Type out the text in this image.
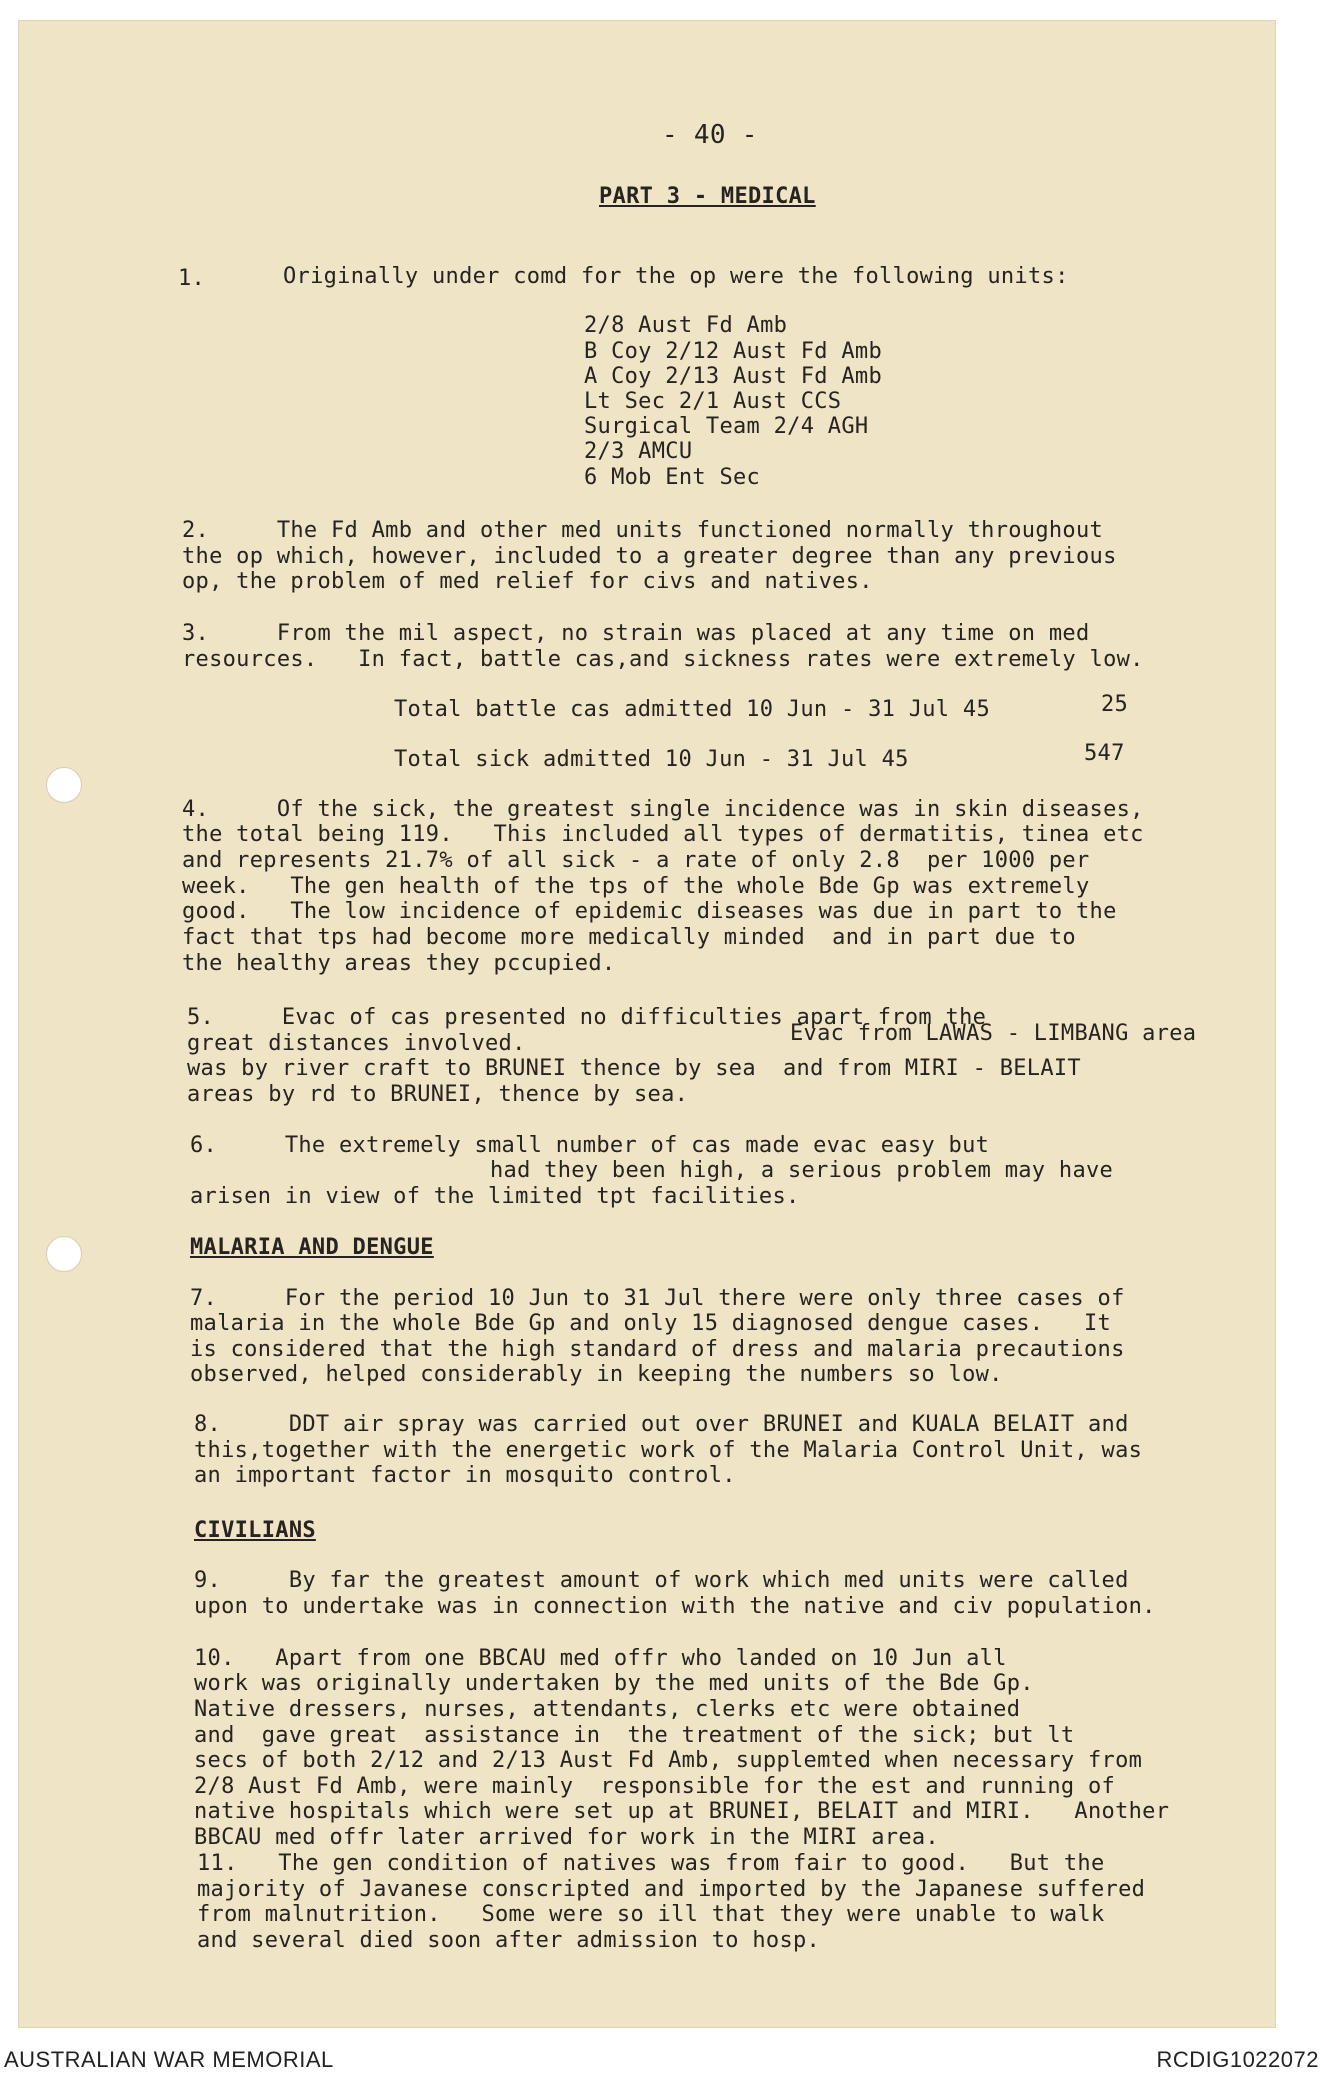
- 40 -
PART 3 - MEDICAL
1.	Originally under comd for the op were the following units:
2/8 Aust Fd Amb
B Coy 2/12 Aust Fd Amb
A Coy 2/13 Aust Fd Amb
Lt Sec 2/1 Aust CCS
Surgical Team 2/4 AGH
2/3 AMCU
6 Mob Ent Sec
2.     The Fd Amb and other med units functioned normally throughout
the op which, however, included to a greater degree than any previous
op, the problem of med relief for civs and natives.
3.     From the mil aspect, no strain was placed at any time on med
resources.   In fact, battle cas,and sickness rates were extremely low.
Total battle cas admitted 10 Jun - 31 Jul 45	25
Total sick admitted 10 Jun - 31 Jul 45	547
4.     Of the sick, the greatest single incidence was in skin diseases,
the total being 119.   This included all types of dermatitis, tinea etc
and represents 21.7% of all sick - a rate of only 2.8  per 1000 per
week.   The gen health of the tps of the whole Bde Gp was extremely
good.   The low incidence of epidemic diseases was due in part to the
fact that tps had become more medically minded  and in part due to
the healthy areas they pccupied.
5.     Evac of cas presented no difficulties apart from the
great distances involved.	Evac from LAWAS - LIMBANG area
was by river craft to BRUNEI thence by sea  and from MIRI - BELAIT
areas by rd to BRUNEI, thence by sea.
6.     The extremely small number of cas made evac easy but
had they been high, a serious problem may have
arisen in view of the limited tpt facilities.
MALARIA AND DENGUE
7.     For the period 10 Jun to 31 Jul there were only three cases of
malaria in the whole Bde Gp and only 15 diagnosed dengue cases.   It
is considered that the high standard of dress and malaria precautions
observed, helped considerably in keeping the numbers so low.
8.     DDT air spray was carried out over BRUNEI and KUALA BELAIT and
this,together with the energetic work of the Malaria Control Unit, was
an important factor in mosquito control.
CIVILIANS
9.     By far the greatest amount of work which med units were called
upon to undertake was in connection with the native and civ population.
10.   Apart from one BBCAU med offr who landed on 10 Jun all
work was originally undertaken by the med units of the Bde Gp.
Native dressers, nurses, attendants, clerks etc were obtained
and  gave great  assistance in  the treatment of the sick; but lt
secs of both 2/12 and 2/13 Aust Fd Amb, supplemted when necessary from
2/8 Aust Fd Amb, were mainly  responsible for the est and running of
native hospitals which were set up at BRUNEI, BELAIT and MIRI.   Another
BBCAU med offr later arrived for work in the MIRI area.
11.   The gen condition of natives was from fair to good.   But the
majority of Javanese conscripted and imported by the Japanese suffered
from malnutrition.   Some were so ill that they were unable to walk
and several died soon after admission to hosp.
AUSTRALIAN WAR MEMORIAL	RCDIG1022072
